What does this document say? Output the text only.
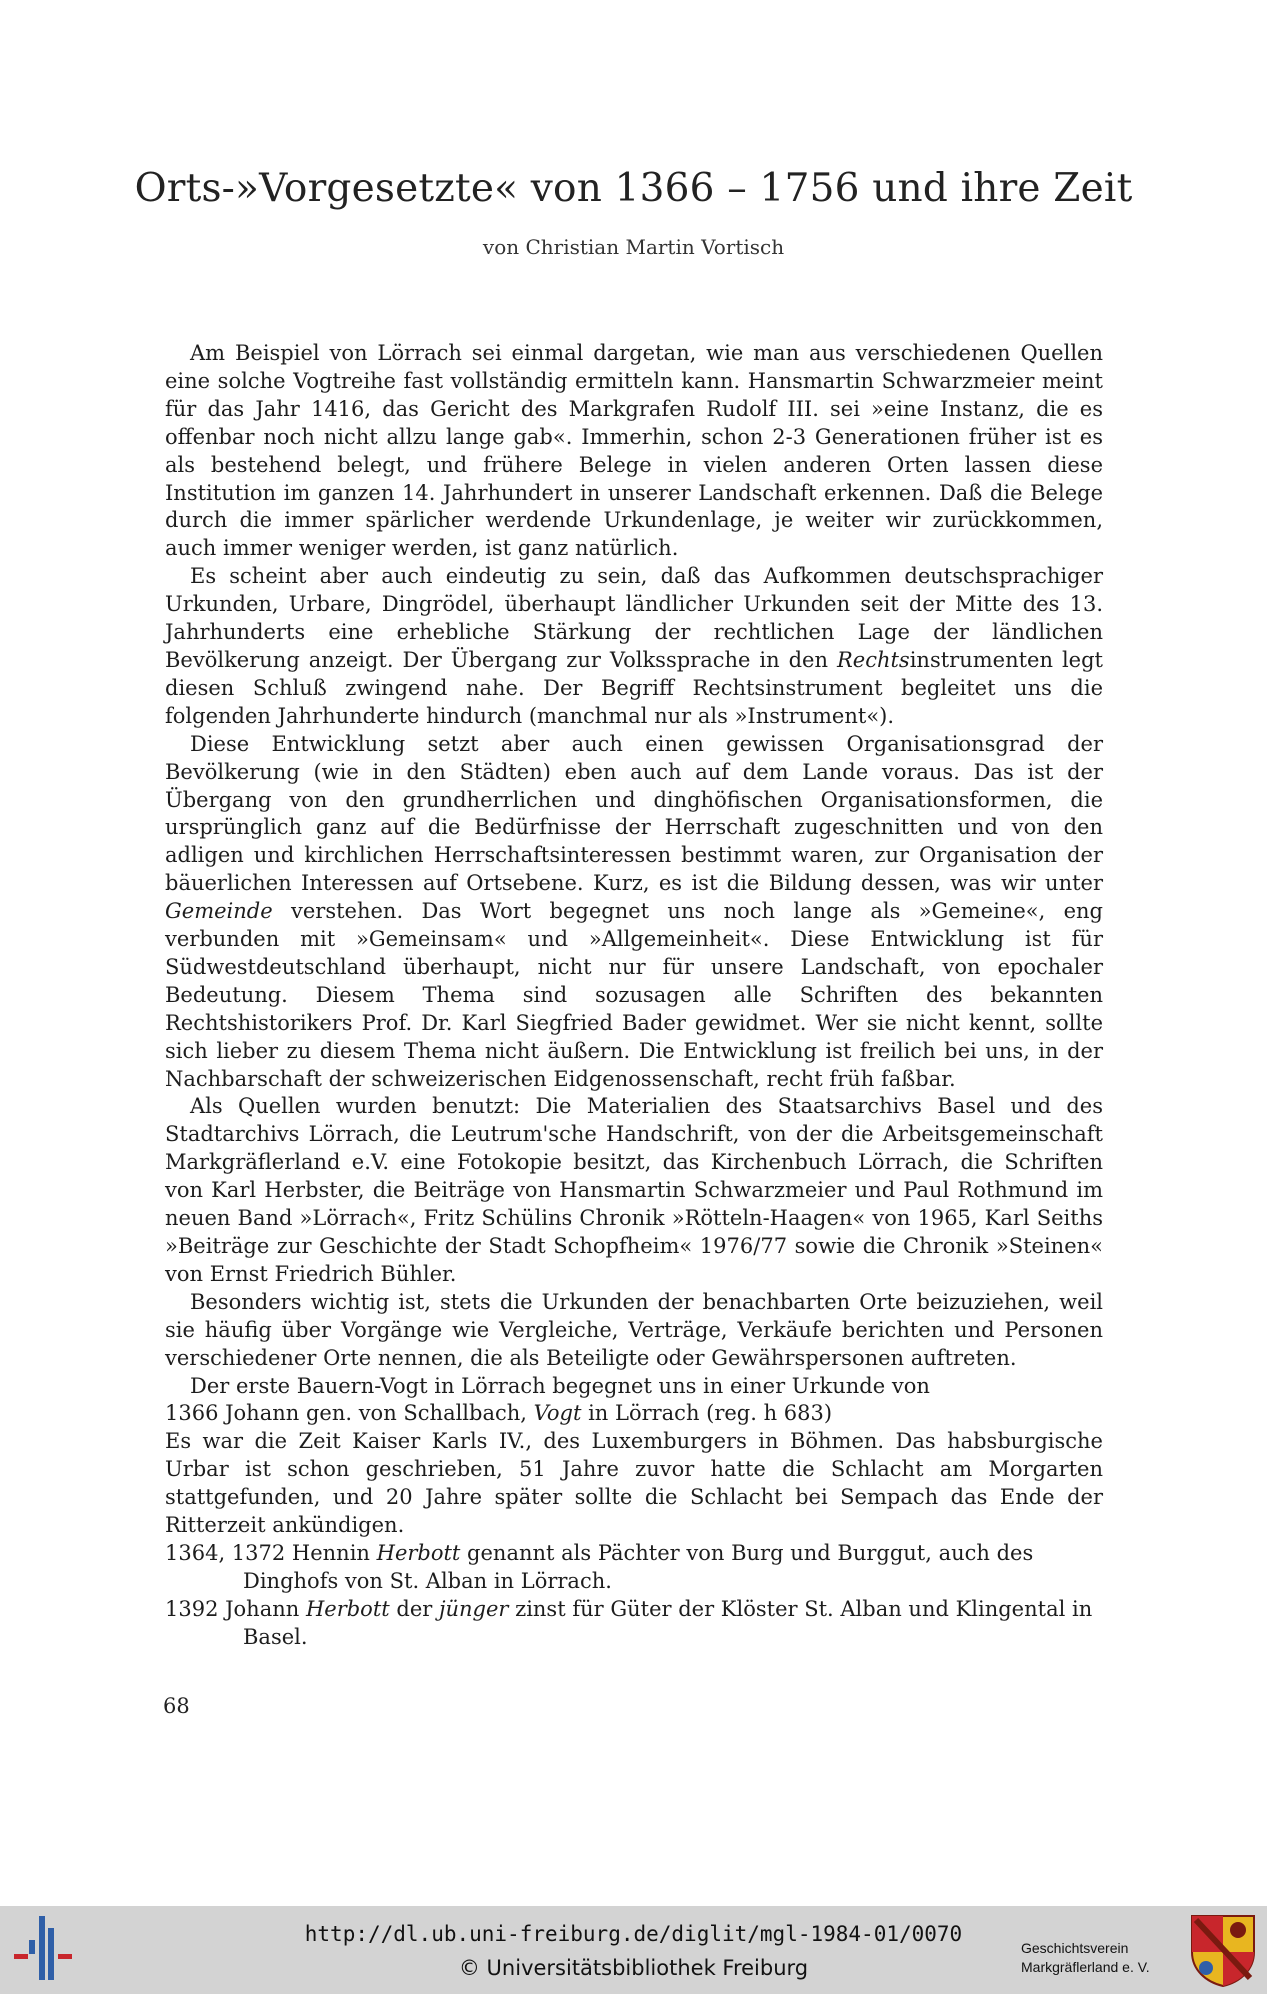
Orts-»Vorgesetzte« von 1366 – 1756 und ihre Zeit

von Christian Martin Vortisch

Am Beispiel von Lörrach sei einmal dargetan, wie man aus verschiedenen Quellen eine solche Vogtreihe fast vollständig ermitteln kann. Hansmartin Schwarzmeier meint für das Jahr 1416, das Gericht des Markgrafen Rudolf III. sei »eine Instanz, die es offenbar noch nicht allzu lange gab«. Immerhin, schon 2-3 Generationen früher ist es als bestehend belegt, und frühere Belege in vielen anderen Orten lassen diese Institution im ganzen 14. Jahrhundert in unserer Landschaft erkennen. Daß die Belege durch die immer spärlicher werdende Urkundenlage, je weiter wir zurückkommen, auch immer weniger werden, ist ganz natürlich.

Es scheint aber auch eindeutig zu sein, daß das Aufkommen deutschsprachiger Urkunden, Urbare, Dingrödel, überhaupt ländlicher Urkunden seit der Mitte des 13. Jahrhunderts eine erhebliche Stärkung der rechtlichen Lage der ländlichen Bevölkerung anzeigt. Der Übergang zur Volkssprache in den Rechtsinstrumenten legt diesen Schluß zwingend nahe. Der Begriff Rechtsinstrument begleitet uns die folgenden Jahrhunderte hindurch (manchmal nur als »Instrument«).

Diese Entwicklung setzt aber auch einen gewissen Organisationsgrad der Bevölkerung (wie in den Städten) eben auch auf dem Lande voraus. Das ist der Übergang von den grundherrlichen und dinghöfischen Organisationsformen, die ursprünglich ganz auf die Bedürfnisse der Herrschaft zugeschnitten und von den adligen und kirchlichen Herrschaftsinteressen bestimmt waren, zur Organisation der bäuerlichen Interessen auf Ortsebene. Kurz, es ist die Bildung dessen, was wir unter Gemeinde verstehen. Das Wort begegnet uns noch lange als »Gemeine«, eng verbunden mit »Gemeinsam« und »Allgemeinheit«. Diese Entwicklung ist für Südwestdeutschland überhaupt, nicht nur für unsere Landschaft, von epochaler Bedeutung. Diesem Thema sind sozusagen alle Schriften des bekannten Rechtshistorikers Prof. Dr. Karl Siegfried Bader gewidmet. Wer sie nicht kennt, sollte sich lieber zu diesem Thema nicht äußern. Die Entwicklung ist freilich bei uns, in der Nachbarschaft der schweizerischen Eidgenossenschaft, recht früh faßbar.

Als Quellen wurden benutzt: Die Materialien des Staatsarchivs Basel und des Stadtarchivs Lörrach, die Leutrum'sche Handschrift, von der die Arbeitsgemeinschaft Markgräflerland e.V. eine Fotokopie besitzt, das Kirchenbuch Lörrach, die Schriften von Karl Herbster, die Beiträge von Hansmartin Schwarzmeier und Paul Rothmund im neuen Band »Lörrach«, Fritz Schülins Chronik »Rötteln-Haagen« von 1965, Karl Seiths »Beiträge zur Geschichte der Stadt Schopfheim« 1976/77 sowie die Chronik »Steinen« von Ernst Friedrich Bühler.

Besonders wichtig ist, stets die Urkunden der benachbarten Orte beizuziehen, weil sie häufig über Vorgänge wie Vergleiche, Verträge, Verkäufe berichten und Personen verschiedener Orte nennen, die als Beteiligte oder Gewährspersonen auftreten.

Der erste Bauern-Vogt in Lörrach begegnet uns in einer Urkunde von

1366 Johann gen. von Schallbach, Vogt in Lörrach (reg. h 683)

Es war die Zeit Kaiser Karls IV., des Luxemburgers in Böhmen. Das habsburgische Urbar ist schon geschrieben, 51 Jahre zuvor hatte die Schlacht am Morgarten stattgefunden, und 20 Jahre später sollte die Schlacht bei Sempach das Ende der Ritterzeit ankündigen.

1364, 1372 Hennin Herbott genannt als Pächter von Burg und Burggut, auch des Dinghofs von St. Alban in Lörrach.

1392 Johann Herbott der jünger zinst für Güter der Klöster St. Alban und Klingental in Basel.

68
http://dl.ub.uni-freiburg.de/diglit/mgl-1984-01/0070
© Universitätsbibliothek Freiburg
Geschichtsverein
Markgräflerland e. V.
